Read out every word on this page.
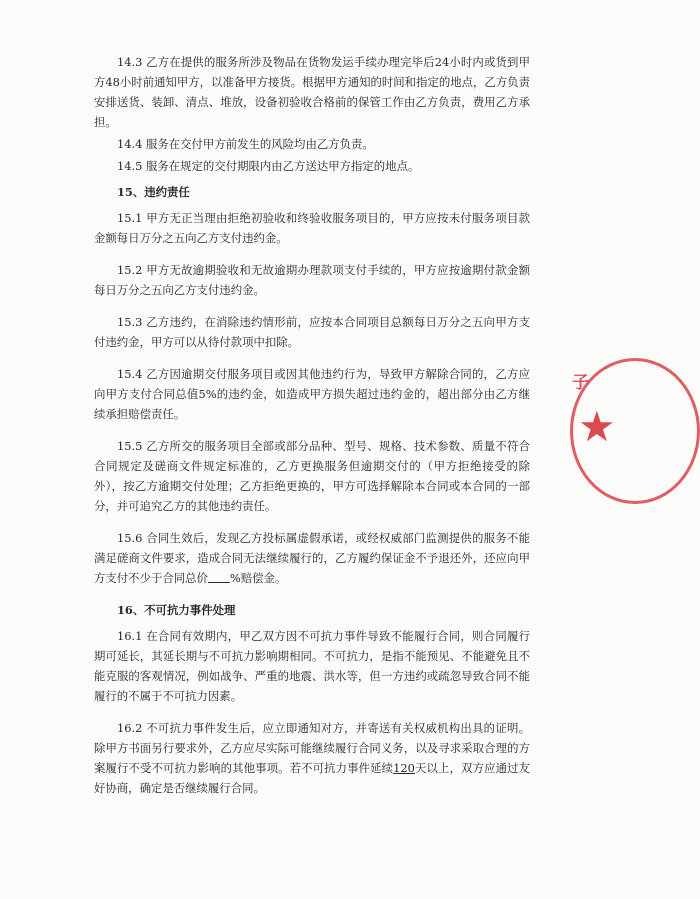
14.3 乙方在提供的服务所涉及物品在货物发运手续办理完毕后24小时内或货到甲方48小时前通知甲方，以准备甲方接货。根据甲方通知的时间和指定的地点，乙方负责安排送货、装卸、清点、堆放，设备初验收合格前的保管工作由乙方负责，费用乙方承担。

14.4 服务在交付甲方前发生的风险均由乙方负责。

14.5 服务在规定的交付期限内由乙方送达甲方指定的地点。

15、违约责任

15.1 甲方无正当理由拒绝初验收和终验收服务项目的，甲方应按未付服务项目款金额每日万分之五向乙方支付违约金。

15.2 甲方无故逾期验收和无故逾期办理款项支付手续的，甲方应按逾期付款金额每日万分之五向乙方支付违约金。

15.3 乙方违约，在消除违约情形前，应按本合同项目总额每日万分之五向甲方支付违约金，甲方可以从待付款项中扣除。

15.4 乙方因逾期交付服务项目或因其他违约行为，导致甲方解除合同的，乙方应向甲方支付合同总值5%的违约金，如造成甲方损失超过违约金的，超出部分由乙方继续承担赔偿责任。

15.5 乙方所交的服务项目全部或部分品种、型号、规格、技术参数、质量不符合合同规定及磋商文件规定标准的，乙方更换服务但逾期交付的（甲方拒绝接受的除外），按乙方逾期交付处理；乙方拒绝更换的，甲方可选择解除本合同或本合同的一部分，并可追究乙方的其他违约责任。

15.6 合同生效后，发现乙方投标属虚假承诺，或经权威部门监测提供的服务不能满足磋商文件要求，造成合同无法继续履行的，乙方履约保证金不予退还外，还应向甲方支付不少于合同总价 %赔偿金。

16、不可抗力事件处理

16.1 在合同有效期内，甲乙双方因不可抗力事件导致不能履行合同，则合同履行期可延长，其延长期与不可抗力影响期相同。不可抗力，是指不能预见、不能避免且不能克服的客观情况，例如战争、严重的地震、洪水等，但一方违约或疏忽导致合同不能履行的不属于不可抗力因素。

16.2 不可抗力事件发生后，应立即通知对方，并寄送有关权威机构出具的证明。除甲方书面另行要求外，乙方应尽实际可能继续履行合同义务，以及寻求采取合理的方案履行不受不可抗力影响的其他事项。若不可抗力事件延续120天以上，双方应通过友好协商，确定是否继续履行合同。

子
★
